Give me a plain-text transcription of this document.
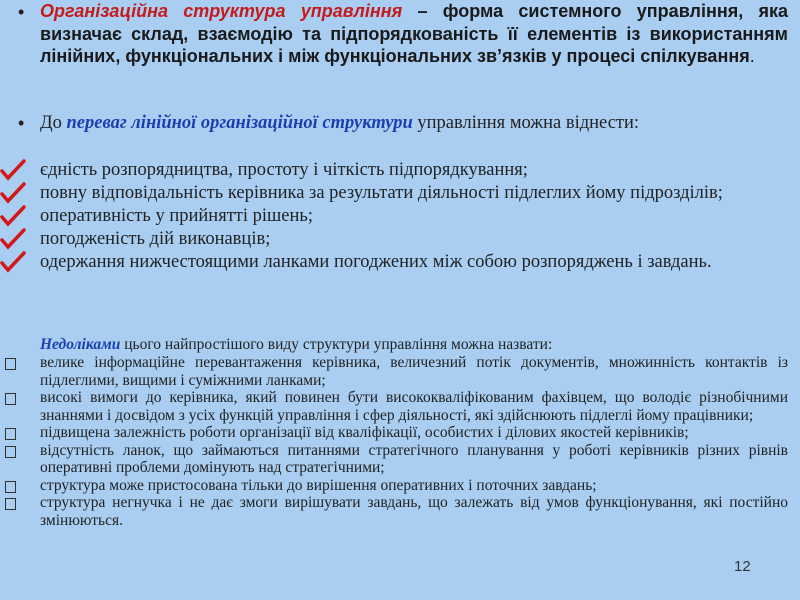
• Організаційна структура управління – форма системного управління, яка визначає склад, взаємодію та підпорядкованість її елементів із використанням лінійних, функціональних і між функціональних зв’язків у процесі спілкування.
• До переваг лінійної організаційної структури управління можна віднести:
єдність розпорядництва, простоту і чіткість підпорядкування;
повну відповідальність керівника за результати діяльності підлеглих йому підрозділів;
оперативність у прийнятті рішень;
погодженість дій виконавців;
одержання нижчестоящими ланками погоджених між собою розпоряджень і завдань.
Недоліками цього найпростішого виду структури управління можна назвати:
велике інформаційне перевантаження керівника, величезний потік документів, множинність контактів із підлеглими, вищими і суміжними ланками;
високі вимоги до керівника, який повинен бути висококваліфікованим фахівцем, що володіє різнобічними знаннями і досвідом з усіх функцій управління і сфер діяльності, які здійснюють підлеглі йому працівники;
підвищена залежність роботи організації від кваліфікації, особистих і ділових якостей керівників;
відсутність ланок, що займаються питаннями стратегічного планування у роботі керівників різних рівнів оперативні проблеми домінують над стратегічними;
структура може пристосована тільки до вирішення оперативних і поточних завдань;
структура негнучка і не дає змоги вирішувати завдань, що залежать від умов функціонування, які постійно змінюються.
12
